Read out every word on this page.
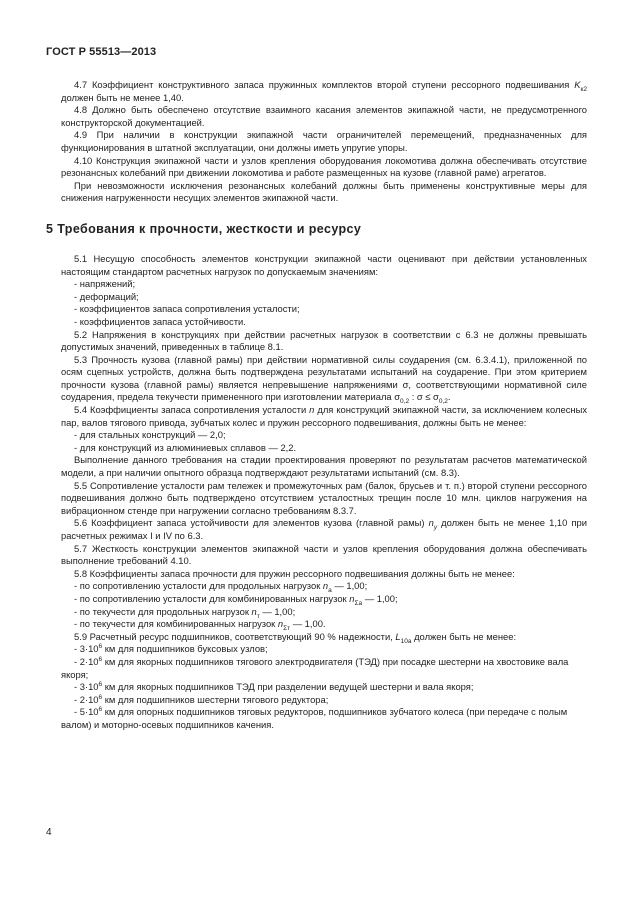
ГОСТ Р 55513—2013

4.7 Коэффициент конструктивного запаса пружинных комплектов второй ступени рессорного подвешивания $K_{к2}$ должен быть не менее 1,40.

4.8 Должно быть обеспечено отсутствие взаимного касания элементов экипажной части, не предусмотренного конструкторской документацией.

4.9 При наличии в конструкции экипажной части ограничителей перемещений, предназначенных для функционирования в штатной эксплуатации, они должны иметь упругие упоры.

4.10 Конструкция экипажной части и узлов крепления оборудования локомотива должна обеспечивать отсутствие резонансных колебаний при движении локомотива и работе размещенных на кузове (главной раме) агрегатов.

При невозможности исключения резонансных колебаний должны быть применены конструктивные меры для снижения нагруженности несущих элементов экипажной части.

5 Требования к прочности, жесткости и ресурсу

5.1 Несущую способность элементов конструкции экипажной части оценивают при действии установленных настоящим стандартом расчетных нагрузок по допускаемым значениям:

- напряжений;

- деформаций;

- коэффициентов запаса сопротивления усталости;

- коэффициентов запаса устойчивости.

5.2 Напряжения в конструкциях при действии расчетных нагрузок в соответствии с 6.3 не должны превышать допустимых значений, приведенных в таблице 8.1.

5.3 Прочность кузова (главной рамы) при действии нормативной силы соударения (см. 6.3.4.1), приложенной по осям сцепных устройств, должна быть подтверждена результатами испытаний на соударение. При этом критерием прочности кузова (главной рамы) является непревышение напряжениями σ, соответствующими нормативной силе соударения, предела текучести примененного при изготовлении материала $\sigma_{0,2}$ : $\sigma \le \sigma_{0,2}$.

5.4 Коэффициенты запаса сопротивления усталости n для конструкций экипажной части, за исключением колесных пар, валов тягового привода, зубчатых колес и пружин рессорного подвешивания, должны быть не менее:

- для стальных конструкций — 2,0;

- для конструкций из алюминиевых сплавов — 2,2.

Выполнение данного требования на стадии проектирования проверяют по результатам расчетов математической модели, а при наличии опытного образца подтверждают результатами испытаний (см. 8.3).

5.5 Сопротивление усталости рам тележек и промежуточных рам (балок, брусьев и т. п.) второй ступени рессорного подвешивания должно быть подтверждено отсутствием усталостных трещин после 10 млн. циклов нагружения на вибрационном стенде при нагружении согласно требованиям 8.3.7.

5.6 Коэффициент запаса устойчивости для элементов кузова (главной рамы) $n_y$ должен быть не менее 1,10 при расчетных режимах I и IV по 6.3.

5.7 Жесткость конструкции элементов экипажной части и узлов крепления оборудования должна обеспечивать выполнение требований 4.10.

5.8 Коэффициенты запаса прочности для пружин рессорного подвешивания должны быть не менее:

- по сопротивлению усталости для продольных нагрузок $n_а$ — 1,00;

- по сопротивлению усталости для комбинированных нагрузок $n_{\Sigma а}$ — 1,00;

- по текучести для продольных нагрузок $n_т$ — 1,00;

- по текучести для комбинированных нагрузок $n_{\Sigma т}$ — 1,00.

5.9 Расчетный ресурс подшипников, соответствующий 90 % надежности, $L_{10а}$ должен быть не менее:

- $3\cdot 10^6$ км для подшипников буксовых узлов;

- $2\cdot 10^6$ км для якорных подшипников тягового электродвигателя (ТЭД) при посадке шестерни на хвостовике вала якоря;

- $3\cdot 10^6$ км для якорных подшипников ТЭД при разделении ведущей шестерни и вала якоря;

- $2\cdot 10^6$ км для подшипников шестерни тягового редуктора;

- $5\cdot 10^6$ км для опорных подшипников тяговых редукторов, подшипников зубчатого колеса (при передаче с полым валом) и моторно-осевых подшипников качения.

4
